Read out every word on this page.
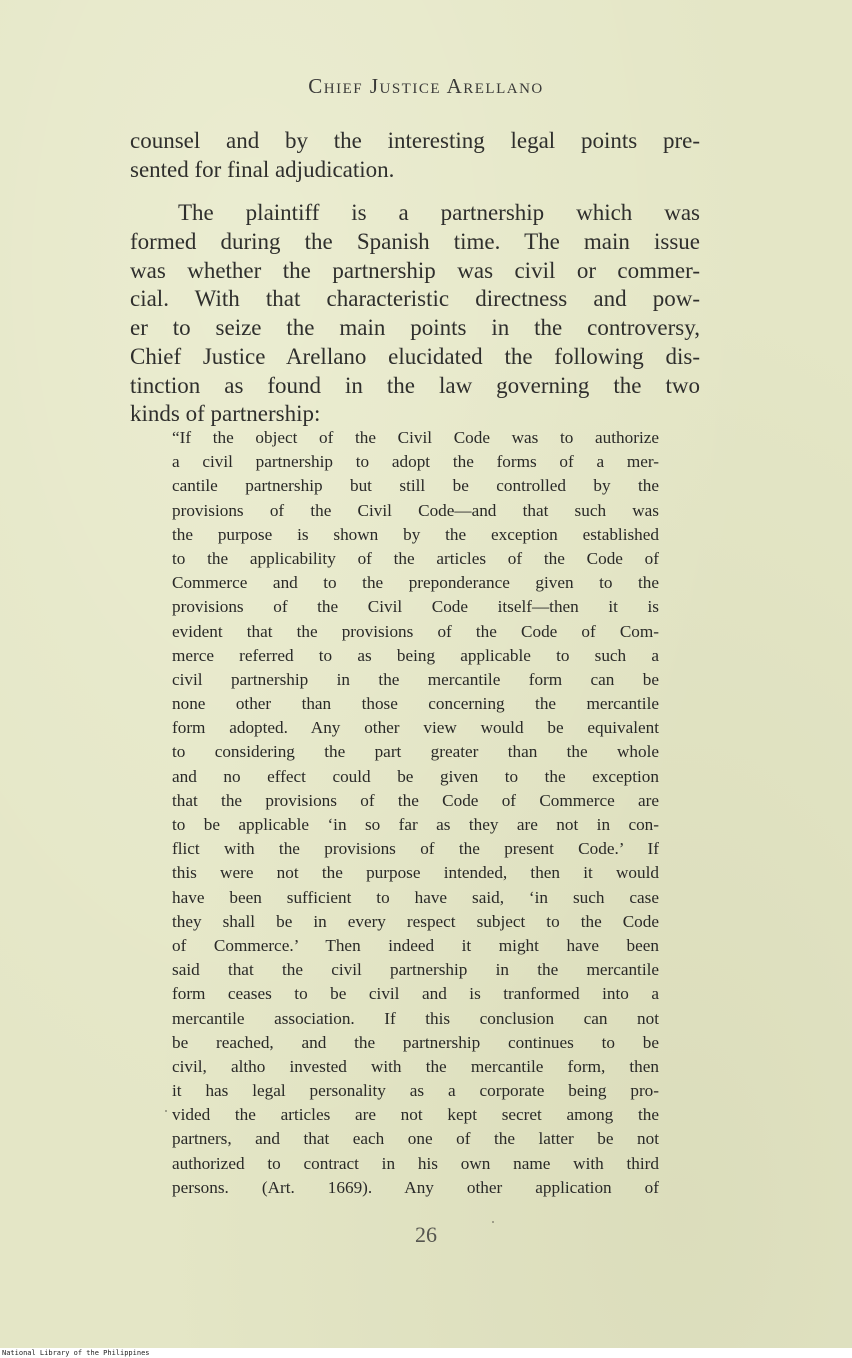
Chief Justice Arellano
counsel and by the interesting legal points pre-
sented for final adjudication.
The plaintiff is a partnership which was
formed during the Spanish time. The main issue
was whether the partnership was civil or commer-
cial. With that characteristic directness and pow-
er to seize the main points in the controversy,
Chief Justice Arellano elucidated the following dis-
tinction as found in the law governing the two
kinds of partnership:
“If the object of the Civil Code was to authorize
a civil partnership to adopt the forms of a mer-
cantile partnership but still be controlled by the
provisions of the Civil Code—and that such was
the purpose is shown by the exception established
to the applicability of the articles of the Code of
Commerce and to the preponderance given to the
provisions of the Civil Code itself—then it is
evident that the provisions of the Code of Com-
merce referred to as being applicable to such a
civil partnership in the mercantile form can be
none other than those concerning the mercantile
form adopted. Any other view would be equivalent
to considering the part greater than the whole
and no effect could be given to the exception
that the provisions of the Code of Commerce are
to be applicable ‘in so far as they are not in con-
flict with the provisions of the present Code.’ If
this were not the purpose intended, then it would
have been sufficient to have said, ‘in such case
they shall be in every respect subject to the Code
of Commerce.’ Then indeed it might have been
said that the civil partnership in the mercantile
form ceases to be civil and is tranformed into a
mercantile association. If this conclusion can not
be reached, and the partnership continues to be
civil, altho invested with the mercantile form, then
it has legal personality as a corporate being pro-
vided the articles are not kept secret among the
partners, and that each one of the latter be not
authorized to contract in his own name with third
persons. (Art. 1669). Any other application of
26
National Library of the Philippines
